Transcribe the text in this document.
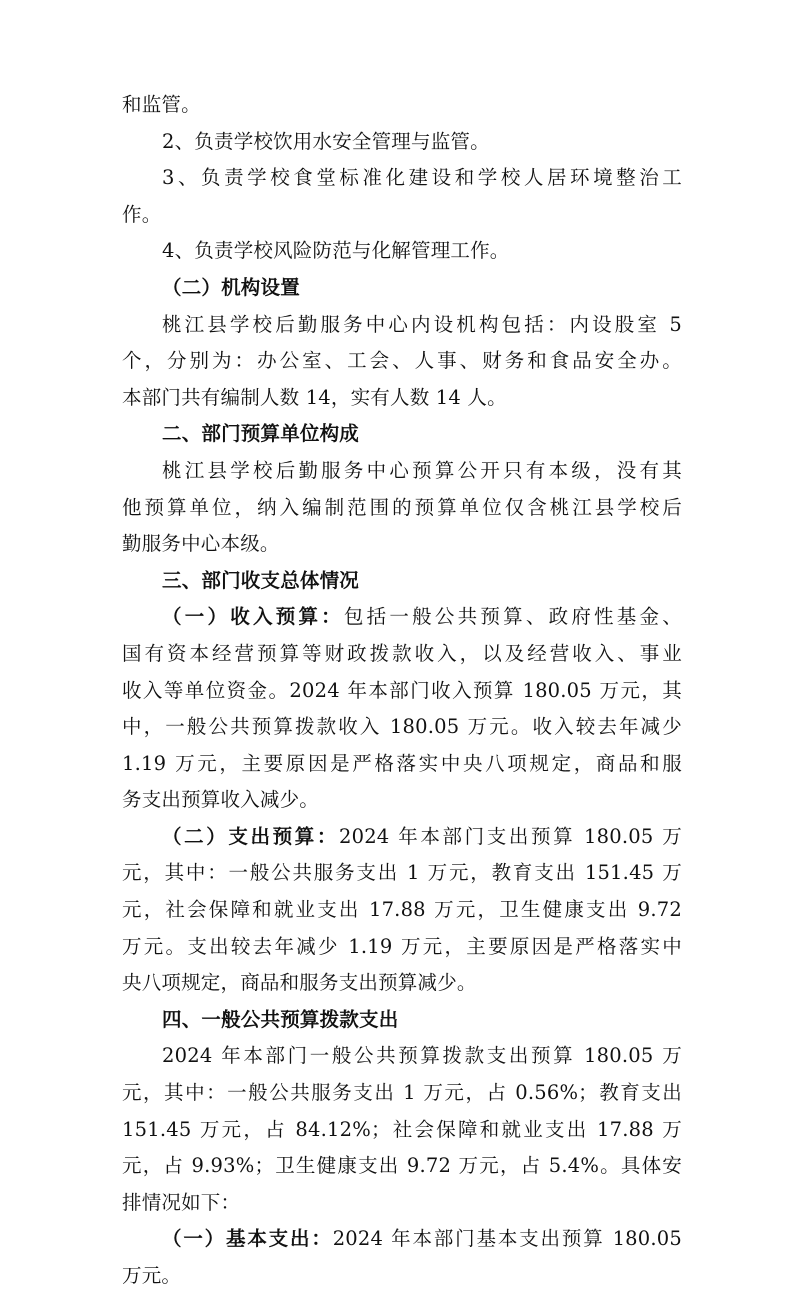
和监管。
2、负责学校饮用水安全管理与监管。
3、负责学校食堂标准化建设和学校人居环境整治工
作。
4、负责学校风险防范与化解管理工作。
（二）机构设置
桃江县学校后勤服务中心内设机构包括：内设股室 5
个，分别为：办公室、工会、人事、财务和食品安全办。
本部门共有编制人数 14，实有人数 14 人。
二、部门预算单位构成
桃江县学校后勤服务中心预算公开只有本级，没有其
他预算单位，纳入编制范围的预算单位仅含桃江县学校后
勤服务中心本级。
三、部门收支总体情况
（一）收入预算：包括一般公共预算、政府性基金、
国有资本经营预算等财政拨款收入，以及经营收入、事业
收入等单位资金。2024 年本部门收入预算 180.05 万元，其
中，一般公共预算拨款收入 180.05 万元。收入较去年减少
1.19 万元，主要原因是严格落实中央八项规定，商品和服
务支出预算收入减少。
（二）支出预算：2024 年本部门支出预算 180.05 万
元，其中：一般公共服务支出 1 万元，教育支出 151.45 万
元，社会保障和就业支出 17.88 万元，卫生健康支出 9.72
万元。支出较去年减少 1.19 万元，主要原因是严格落实中
央八项规定，商品和服务支出预算减少。
四、一般公共预算拨款支出
2024 年本部门一般公共预算拨款支出预算 180.05 万
元，其中：一般公共服务支出 1 万元，占 0.56%；教育支出
151.45 万元，占 84.12%；社会保障和就业支出 17.88 万
元，占 9.93%；卫生健康支出 9.72 万元，占 5.4%。具体安
排情况如下：
（一）基本支出：2024 年本部门基本支出预算 180.05
万元。
